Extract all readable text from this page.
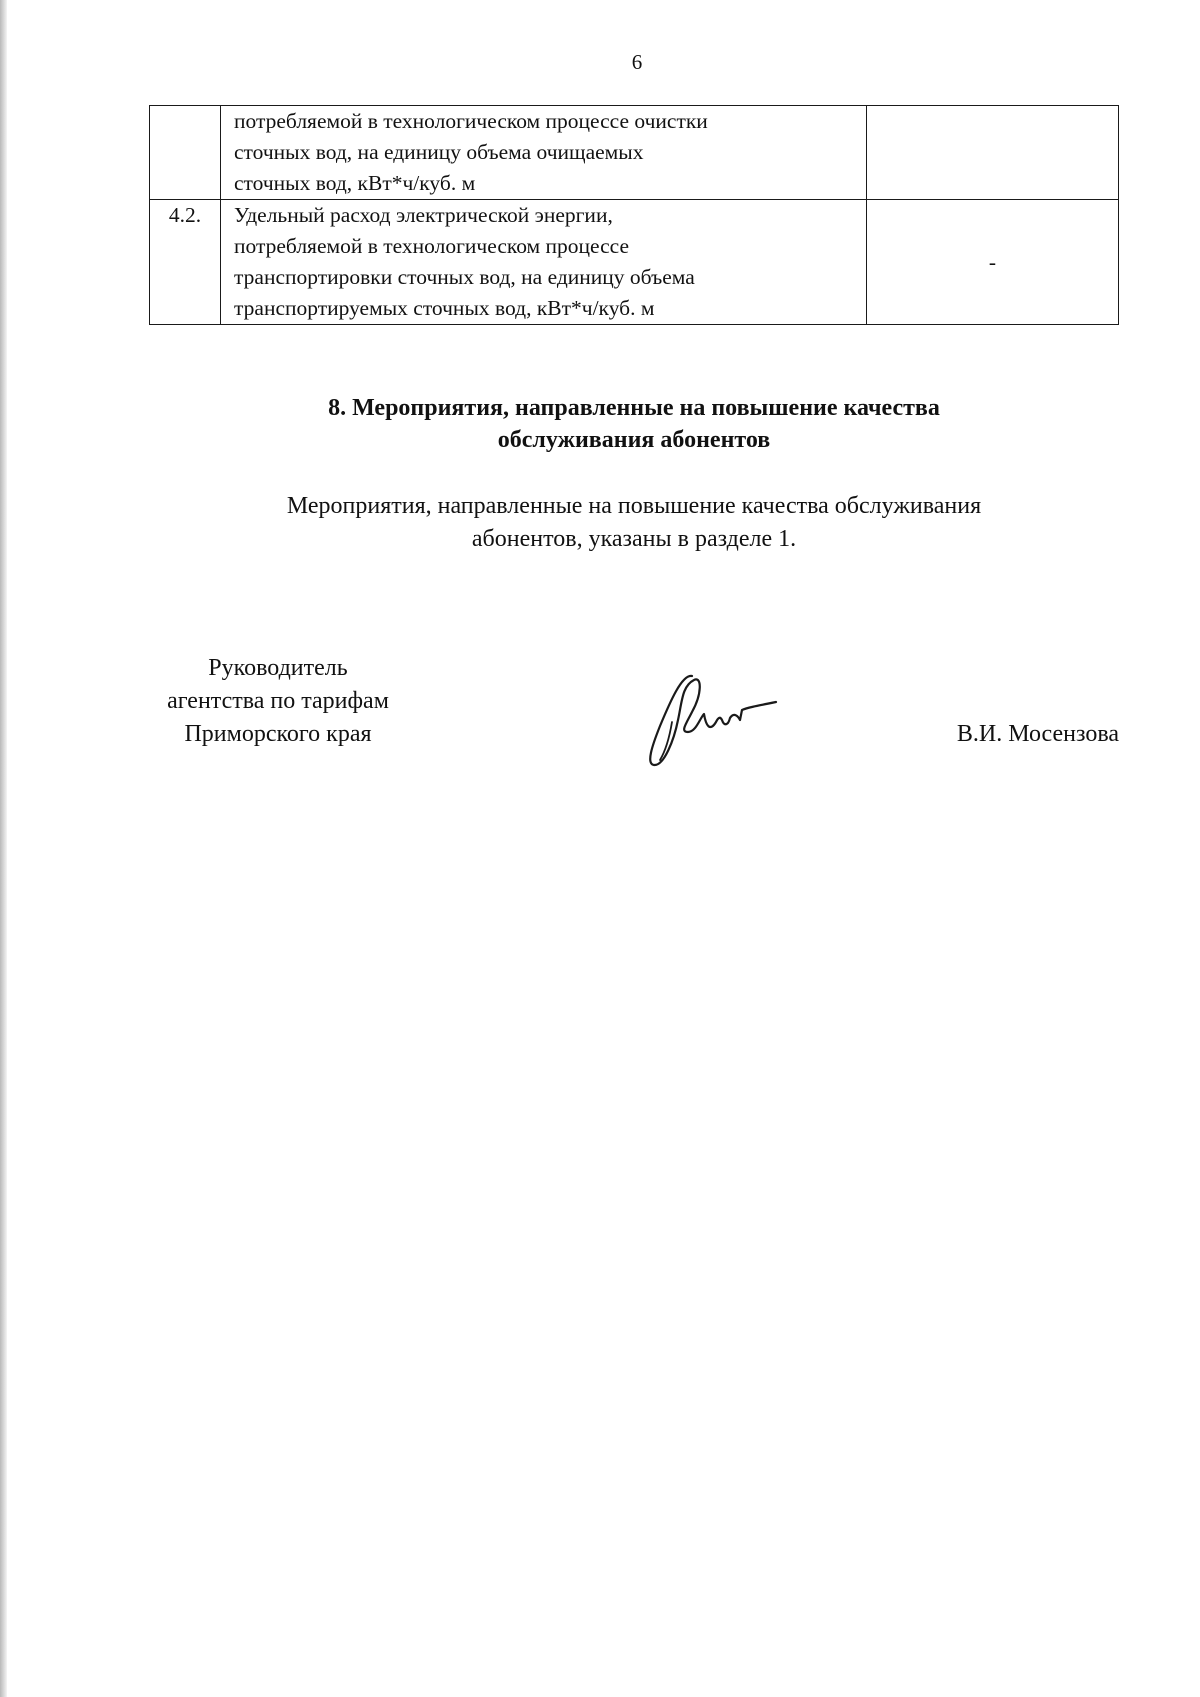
6

	потребляемой в технологическом процессе очистки
сточных вод, на единицу объема очищаемых
сточных вод, кВт*ч/куб. м	

4.2.	Удельный расход электрической энергии,
потребляемой в технологическом процессе
транспортировки сточных вод, на единицу объема
транспортируемых сточных вод, кВт*ч/куб. м	-
8. Мероприятия, направленные на повышение качества
обслуживания абонентов
Мероприятия, направленные на повышение качества обслуживания
абонентов, указаны в разделе 1.
Руководитель
агентства по тарифам
Приморского края	В.И. Мосензова
